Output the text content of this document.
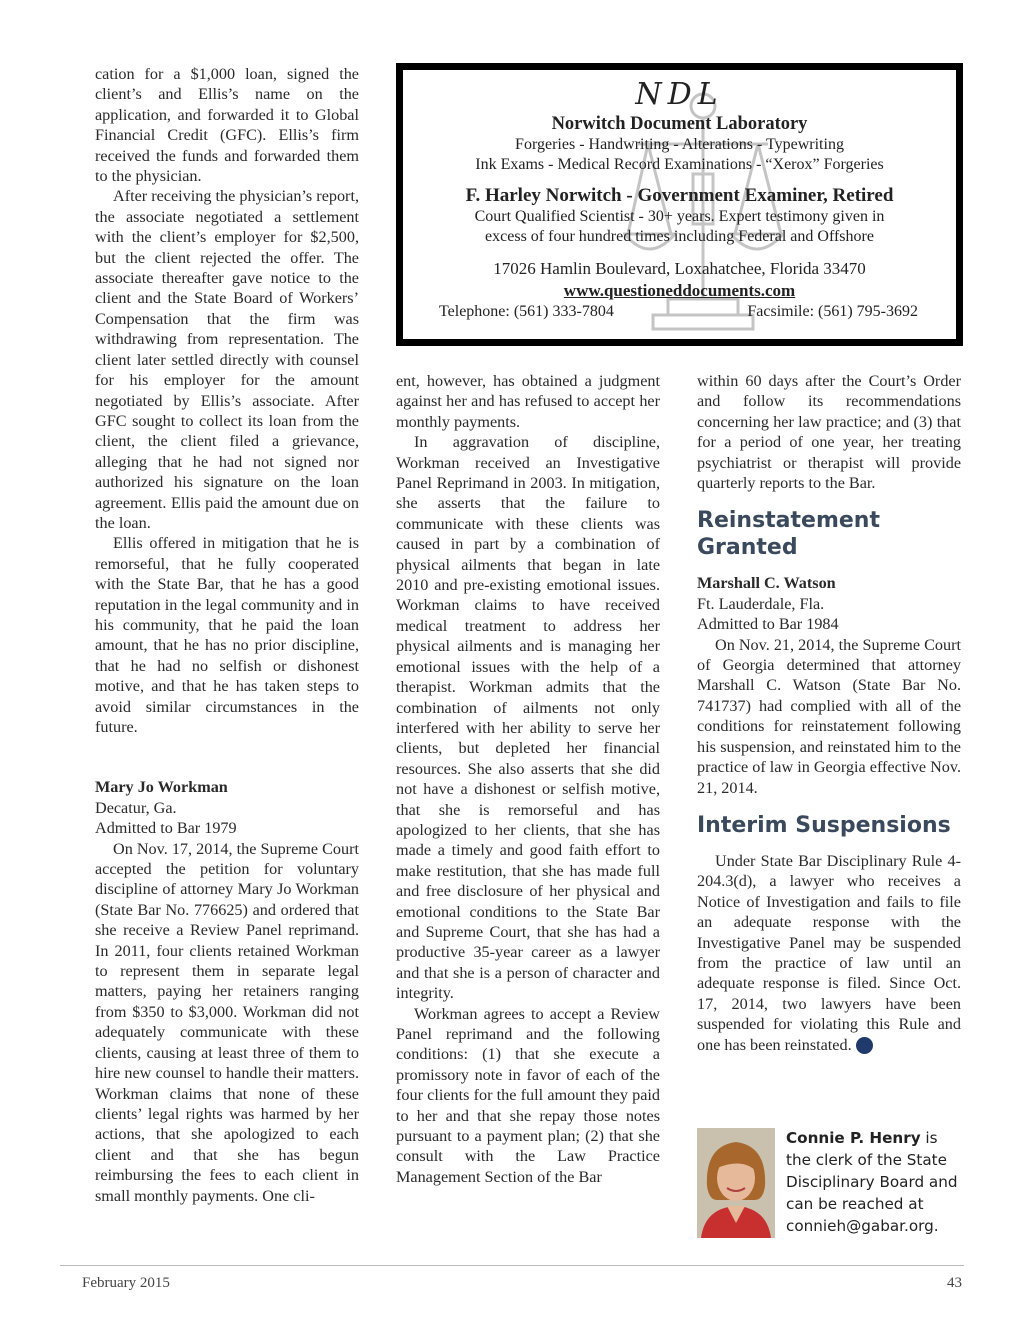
cation for a $1,000 loan, signed the client’s and Ellis’s name on the application, and forwarded it to Global Financial Credit (GFC). Ellis’s firm received the funds and forwarded them to the physician.

After receiving the physician’s report, the associate negotiated a settlement with the client’s employer for $2,500, but the client rejected the offer. The associate thereafter gave notice to the client and the State Board of Workers’ Compensation that the firm was withdrawing from representation. The client later settled directly with counsel for his employer for the amount negotiated by Ellis’s associate. After GFC sought to collect its loan from the client, the client filed a grievance, alleging that he had not signed nor authorized his signature on the loan agreement. Ellis paid the amount due on the loan.

Ellis offered in mitigation that he is remorseful, that he fully cooperated with the State Bar, that he has a good reputation in the legal community and in his community, that he paid the loan amount, that he has no prior discipline, that he had no selfish or dishonest motive, and that he has taken steps to avoid similar circumstances in the future.

Mary Jo Workman
Decatur, Ga.
Admitted to Bar 1979

On Nov. 17, 2014, the Supreme Court accepted the petition for voluntary discipline of attorney Mary Jo Workman (State Bar No. 776625) and ordered that she receive a Review Panel reprimand. In 2011, four clients retained Workman to represent them in separate legal matters, paying her retainers ranging from $350 to $3,000. Workman did not adequately communicate with these clients, causing at least three of them to hire new counsel to handle their matters. Workman claims that none of these clients’ legal rights was harmed by her actions, that she apologized to each client and that she has begun reimbursing the fees to each client in small monthly payments. One cli-

NDL
Norwitch Document Laboratory
Forgeries - Handwriting - Alterations - Typewriting
Ink Exams - Medical Record Examinations - “Xerox” Forgeries
F. Harley Norwitch - Government Examiner, Retired
Court Qualified Scientist - 30+ years. Expert testimony given in
excess of four hundred times including Federal and Offshore
17026 Hamlin Boulevard, Loxahatchee, Florida 33470
www.questioneddocuments.com
Telephone: (561) 333-7804	Facsimile: (561) 795-3692

ent, however, has obtained a judgment against her and has refused to accept her monthly payments.

In aggravation of discipline, Workman received an Investigative Panel Reprimand in 2003. In mitigation, she asserts that the failure to communicate with these clients was caused in part by a combination of physical ailments that began in late 2010 and pre-existing emotional issues. Workman claims to have received medical treatment to address her physical ailments and is managing her emotional issues with the help of a therapist. Workman admits that the combination of ailments not only interfered with her ability to serve her clients, but depleted her financial resources. She also asserts that she did not have a dishonest or selfish motive, that she is remorseful and has apologized to her clients, that she has made a timely and good faith effort to make restitution, that she has made full and free disclosure of her physical and emotional conditions to the State Bar and Supreme Court, that she has had a productive 35-year career as a lawyer and that she is a person of character and integrity.

Workman agrees to accept a Review Panel reprimand and the following conditions: (1) that she execute a promissory note in favor of each of the four clients for the full amount they paid to her and that she repay those notes pursuant to a payment plan; (2) that she consult with the Law Practice Management Section of the Bar

within 60 days after the Court’s Order and follow its recommendations concerning her law practice; and (3) that for a period of one year, her treating psychiatrist or therapist will provide quarterly reports to the Bar.

Reinstatement Granted
Marshall C. Watson
Ft. Lauderdale, Fla.
Admitted to Bar 1984

On Nov. 21, 2014, the Supreme Court of Georgia determined that attorney Marshall C. Watson (State Bar No. 741737) had complied with all of the conditions for reinstatement following his suspension, and reinstated him to the practice of law in Georgia effective Nov. 21, 2014.

Interim Suspensions

Under State Bar Disciplinary Rule 4-204.3(d), a lawyer who receives a Notice of Investigation and fails to file an adequate response with the Investigative Panel may be suspended from the practice of law until an adequate response is filed. Since Oct. 17, 2014, two lawyers have been suspended for violating this Rule and one has been reinstated.	GBJ

Connie P. Henry is the clerk of the State Disciplinary Board and can be reached at connieh@gabar.org.
February 2015	43
